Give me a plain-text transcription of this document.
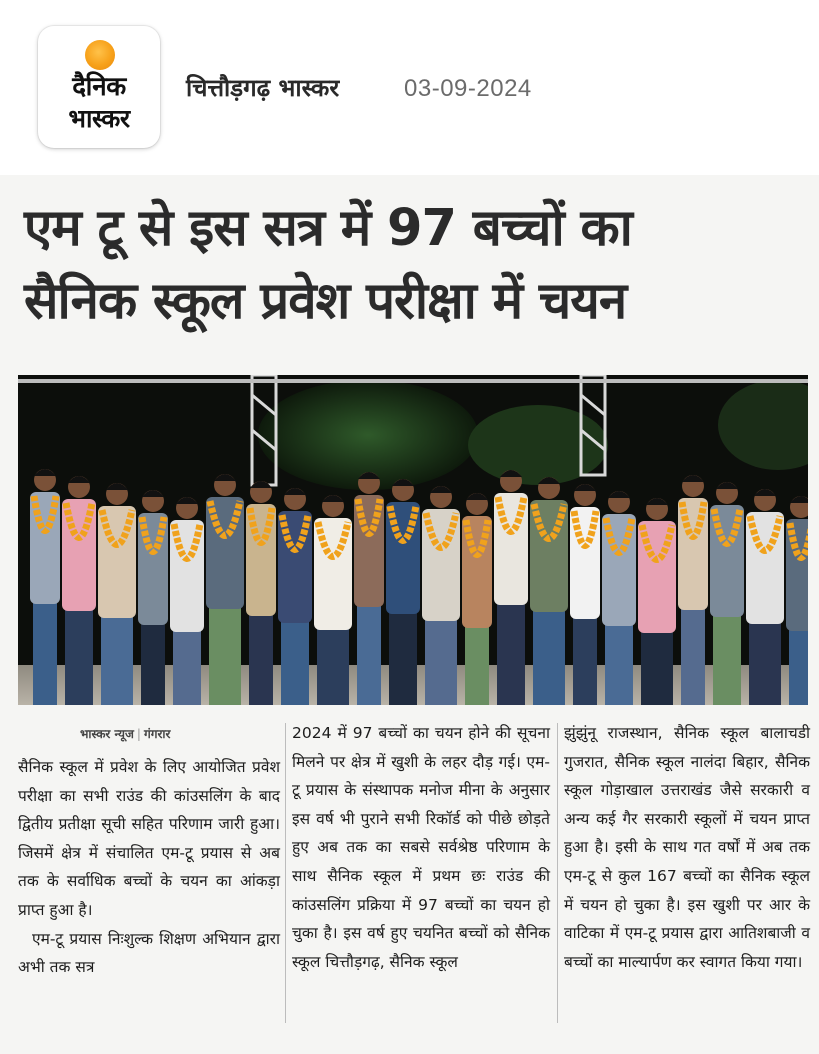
दैनिक
भास्कर
चित्तौड़गढ़ भास्कर	03-09-2024
एम टू से इस सत्र में 97 बच्चों का
सैनिक स्कूल प्रवेश परीक्षा में चयन
भास्कर न्यूज | गंगरार

सैनिक स्कूल में प्रवेश के लिए आयोजित प्रवेश परीक्षा का सभी राउंड की कांउसलिंग के बाद द्वितीय प्रतीक्षा सूची सहित परिणाम जारी हुआ। जिसमें क्षेत्र में संचालित एम-टू प्रयास से अब तक के सर्वाधिक बच्चों के चयन का आंकड़ा प्राप्त हुआ है।

एम-टू प्रयास निःशुल्क शिक्षण अभियान द्वारा अभी तक सत्र

2024 में 97 बच्चों का चयन होने की सूचना मिलने पर क्षेत्र में खुशी के लहर दौड़ गई। एम-टू प्रयास के संस्थापक मनोज मीना के अनुसार इस वर्ष भी पुराने सभी रिकॉर्ड को पीछे छोड़ते हुए अब तक का सबसे सर्वश्रेष्ठ परिणाम के साथ सैनिक स्कूल में प्रथम छः राउंड की कांउसलिंग प्रक्रिया में 97 बच्चों का चयन हो चुका है। इस वर्ष हुए चयनित बच्चों को सैनिक स्कूल चित्तौड़गढ़, सैनिक स्कूल

झुंझुंनू राजस्थान, सैनिक स्कूल बालाचडी गुजरात, सैनिक स्कूल नालंदा बिहार, सैनिक स्कूल गोड़ाखाल उत्तराखंड जैसे सरकारी व अन्य कई गैर सरकारी स्कूलों में चयन प्राप्त हुआ है। इसी के साथ गत वर्षों में अब तक एम-टू से कुल 167 बच्चों का सैनिक स्कूल में चयन हो चुका है। इस खुशी पर आर के वाटिका में एम-टू प्रयास द्वारा आतिशबाजी व बच्चों का माल्यार्पण कर स्वागत किया गया।
